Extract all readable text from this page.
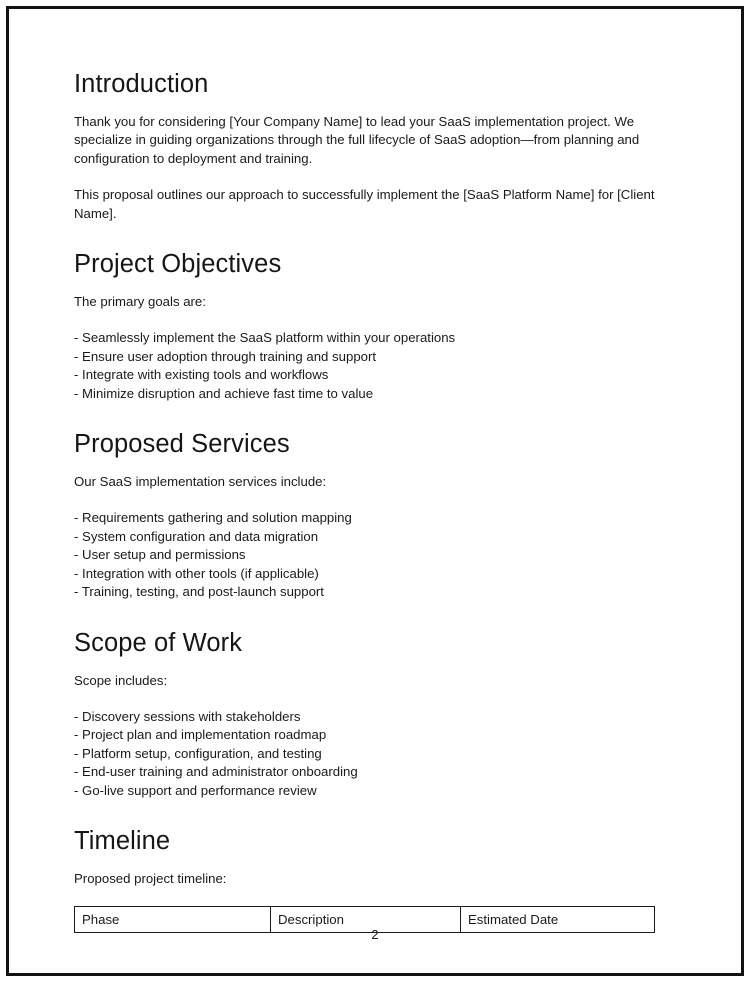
Introduction

Thank you for considering [Your Company Name] to lead your SaaS implementation project. We specialize in guiding organizations through the full lifecycle of SaaS adoption—from planning and configuration to deployment and training.

This proposal outlines our approach to successfully implement the [SaaS Platform Name] for [Client Name].

Project Objectives

The primary goals are:

- Seamlessly implement the SaaS platform within your operations
- Ensure user adoption through training and support
- Integrate with existing tools and workflows
- Minimize disruption and achieve fast time to value
Proposed Services

Our SaaS implementation services include:

- Requirements gathering and solution mapping
- System configuration and data migration
- User setup and permissions
- Integration with other tools (if applicable)
- Training, testing, and post-launch support
Scope of Work

Scope includes:

- Discovery sessions with stakeholders
- Project plan and implementation roadmap
- Platform setup, configuration, and testing
- End-user training and administrator onboarding
- Go-live support and performance review
Timeline

Proposed project timeline:

Phase	Description	Estimated Date
2
